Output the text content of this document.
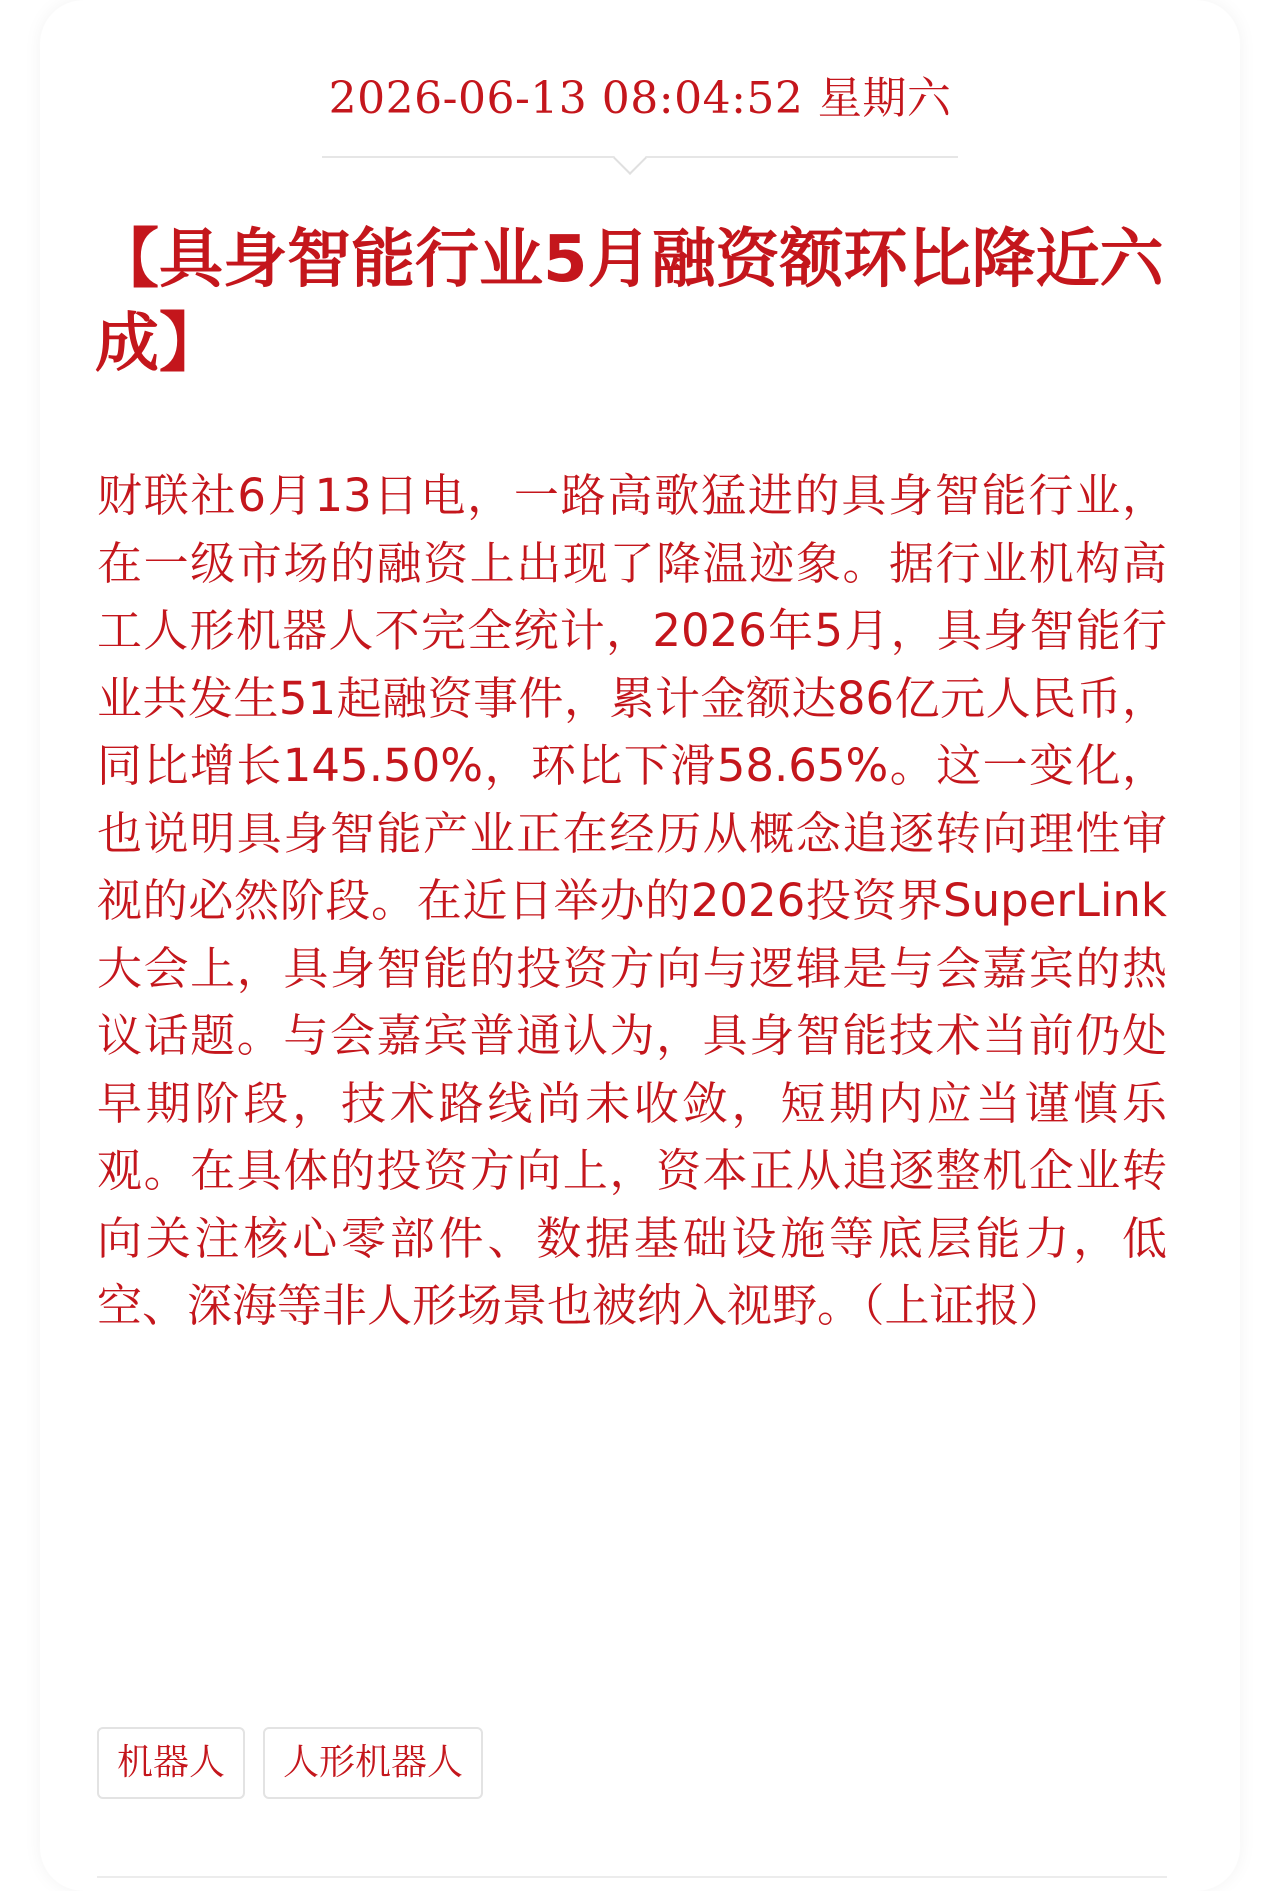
2026-06-13 08:04:52 星期六
【具身智能行业5月融资额环比降近六成】

财联社6月13日电，一路高歌猛进的具身智能行业，在一级市场的融资上出现了降温迹象。据行业机构高工人形机器人不完全统计，2026年5月，具身智能行业共发生51起融资事件，累计金额达86亿元人民币，同比增长145.50%，环比下滑58.65%。这一变化，也说明具身智能产业正在经历从概念追逐转向理性审视的必然阶段。在近日举办的2026投资界SuperLink大会上，具身智能的投资方向与逻辑是与会嘉宾的热议话题。与会嘉宾普通认为，具身智能技术当前仍处早期阶段，技术路线尚未收敛，短期内应当谨慎乐观。在具体的投资方向上，资本正从追逐整机企业转向关注核心零部件、数据基础设施等底层能力，低空、深海等非人形场景也被纳入视野。（上证报）

机器人	人形机器人
